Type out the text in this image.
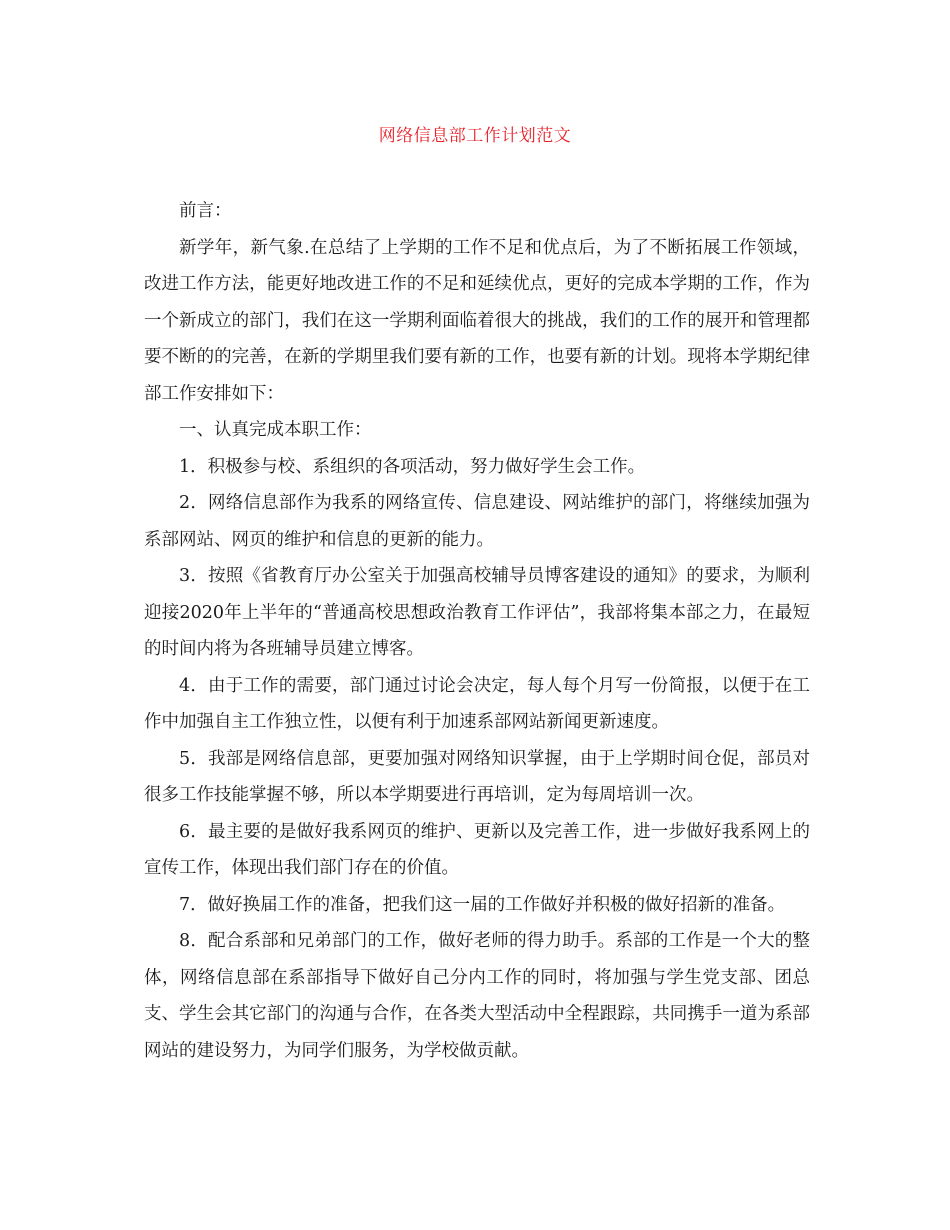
网络信息部工作计划范文

前言：

新学年，新气象.在总结了上学期的工作不足和优点后，为了不断拓展工作领域，改进工作方法，能更好地改进工作的不足和延续优点，更好的完成本学期的工作，作为一个新成立的部门，我们在这一学期利面临着很大的挑战，我们的工作的展开和管理都要不断的的完善，在新的学期里我们要有新的工作，也要有新的计划。现将本学期纪律部工作安排如下：

一、认真完成本职工作：

1．积极参与校、系组织的各项活动，努力做好学生会工作。

2．网络信息部作为我系的网络宣传、信息建设、网站维护的部门，将继续加强为系部网站、网页的维护和信息的更新的能力。

3．按照《省教育厅办公室关于加强高校辅导员博客建设的通知》的要求，为顺利迎接2020年上半年的“普通高校思想政治教育工作评估”，我部将集本部之力，在最短的时间内将为各班辅导员建立博客。

4．由于工作的需要，部门通过讨论会决定，每人每个月写一份简报，以便于在工作中加强自主工作独立性，以便有利于加速系部网站新闻更新速度。

5．我部是网络信息部，更要加强对网络知识掌握，由于上学期时间仓促，部员对很多工作技能掌握不够，所以本学期要进行再培训，定为每周培训一次。

6．最主要的是做好我系网页的维护、更新以及完善工作，进一步做好我系网上的宣传工作，体现出我们部门存在的价值。

7．做好换届工作的准备，把我们这一届的工作做好并积极的做好招新的准备。

8．配合系部和兄弟部门的工作，做好老师的得力助手。系部的工作是一个大的整体，网络信息部在系部指导下做好自己分内工作的同时，将加强与学生党支部、团总支、学生会其它部门的沟通与合作，在各类大型活动中全程跟踪，共同携手一道为系部网站的建设努力，为同学们服务，为学校做贡献。
